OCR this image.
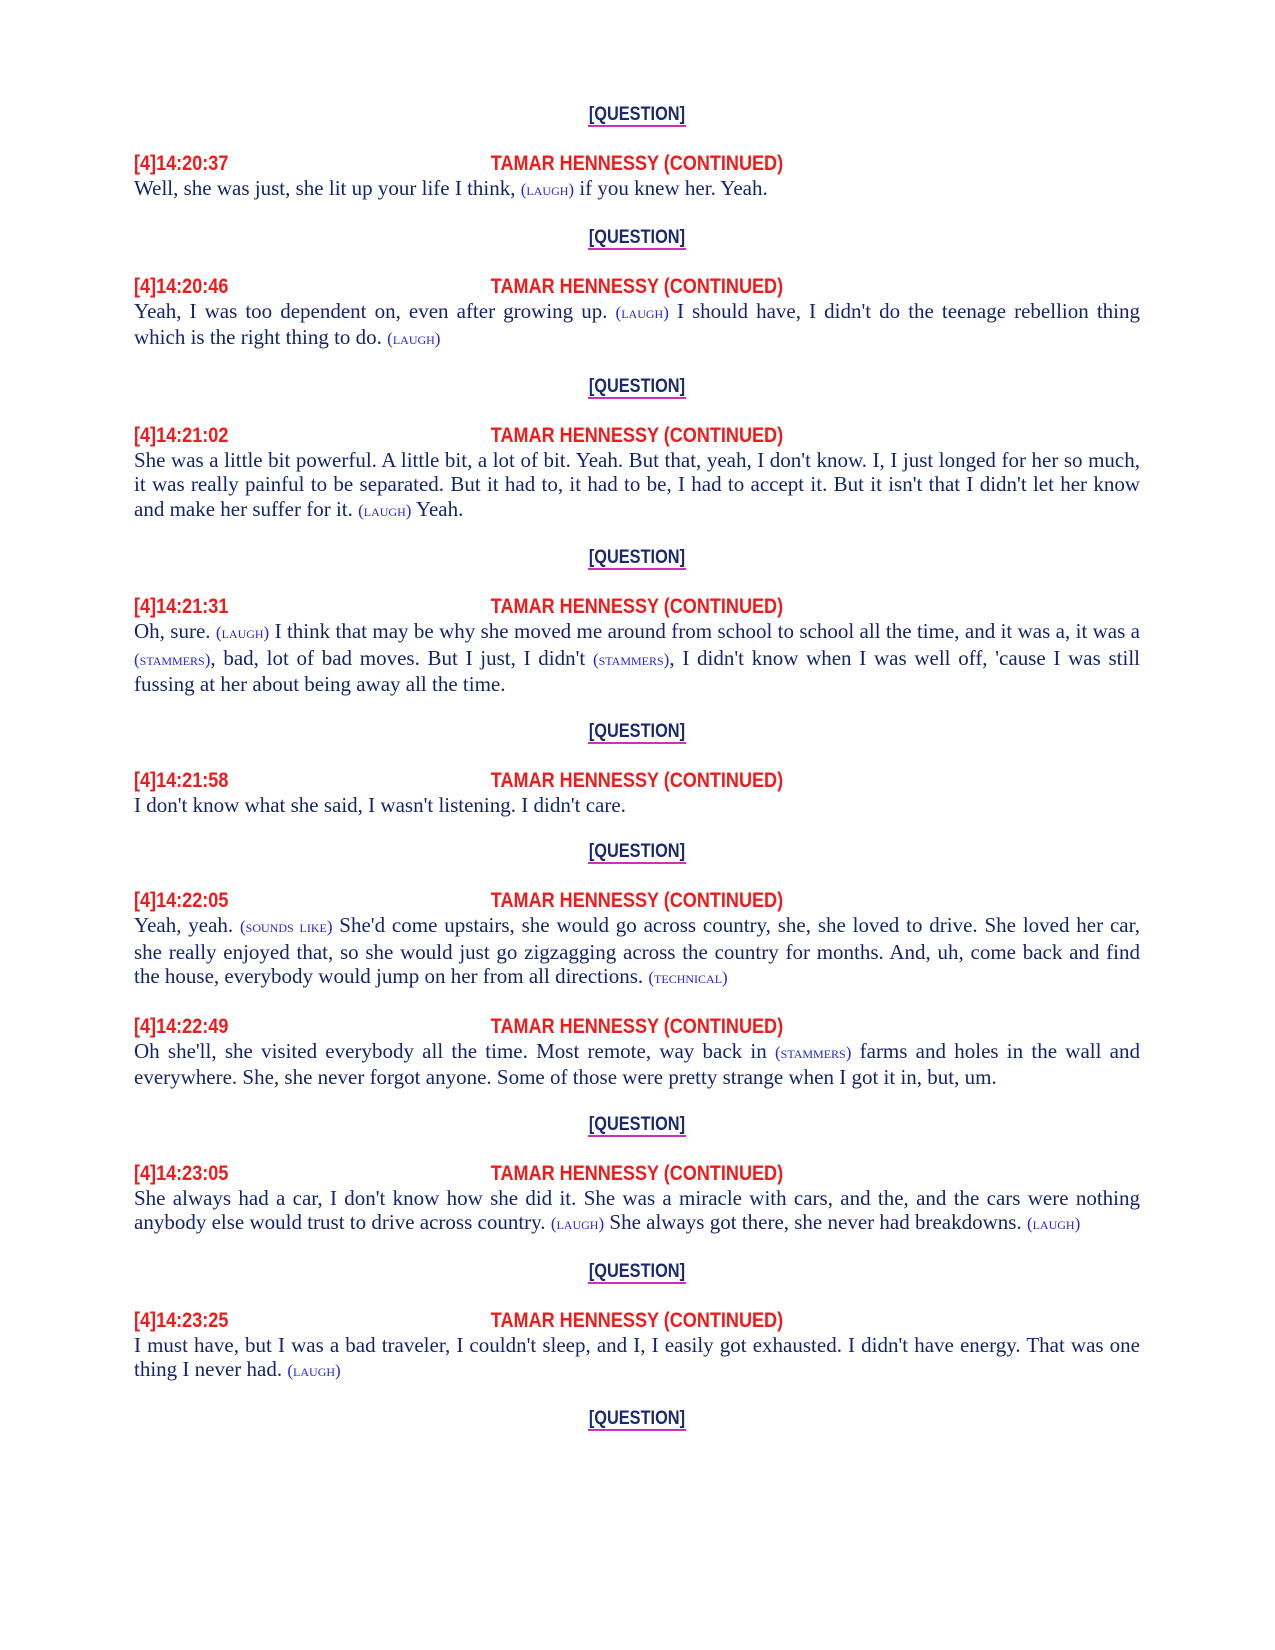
[QUESTION]
[4]14:20:37	TAMAR HENNESSY (CONTINUED)

Well, she was just, she lit up your life I think, (laugh) if you knew her. Yeah.

[QUESTION]
[4]14:20:46	TAMAR HENNESSY (CONTINUED)

Yeah, I was too dependent on, even after growing up. (laugh) I should have, I didn't do the teenage rebellion thing which is the right thing to do. (laugh)

[QUESTION]
[4]14:21:02	TAMAR HENNESSY (CONTINUED)

She was a little bit powerful. A little bit, a lot of bit. Yeah. But that, yeah, I don't know. I, I just longed for her so much, it was really painful to be separated. But it had to, it had to be, I had to accept it. But it isn't that I didn't let her know and make her suffer for it. (laugh) Yeah.

[QUESTION]
[4]14:21:31	TAMAR HENNESSY (CONTINUED)

Oh, sure. (laugh) I think that may be why she moved me around from school to school all the time, and it was a, it was a (stammers), bad, lot of bad moves. But I just, I didn't (stammers), I didn't know when I was well off, 'cause I was still fussing at her about being away all the time.

[QUESTION]
[4]14:21:58	TAMAR HENNESSY (CONTINUED)

I don't know what she said, I wasn't listening. I didn't care.

[QUESTION]
[4]14:22:05	TAMAR HENNESSY (CONTINUED)

Yeah, yeah. (sounds like) She'd come upstairs, she would go across country, she, she loved to drive. She loved her car, she really enjoyed that, so she would just go zigzagging across the country for months. And, uh, come back and find the house, everybody would jump on her from all directions. (technical)

[4]14:22:49	TAMAR HENNESSY (CONTINUED)

Oh she'll, she visited everybody all the time. Most remote, way back in (stammers) farms and holes in the wall and everywhere. She, she never forgot anyone. Some of those were pretty strange when I got it in, but, um.

[QUESTION]
[4]14:23:05	TAMAR HENNESSY (CONTINUED)

She always had a car, I don't know how she did it. She was a miracle with cars, and the, and the cars were nothing anybody else would trust to drive across country. (laugh) She always got there, she never had breakdowns. (laugh)

[QUESTION]
[4]14:23:25	TAMAR HENNESSY (CONTINUED)

I must have, but I was a bad traveler, I couldn't sleep, and I, I easily got exhausted. I didn't have energy. That was one thing I never had. (laugh)

[QUESTION]
